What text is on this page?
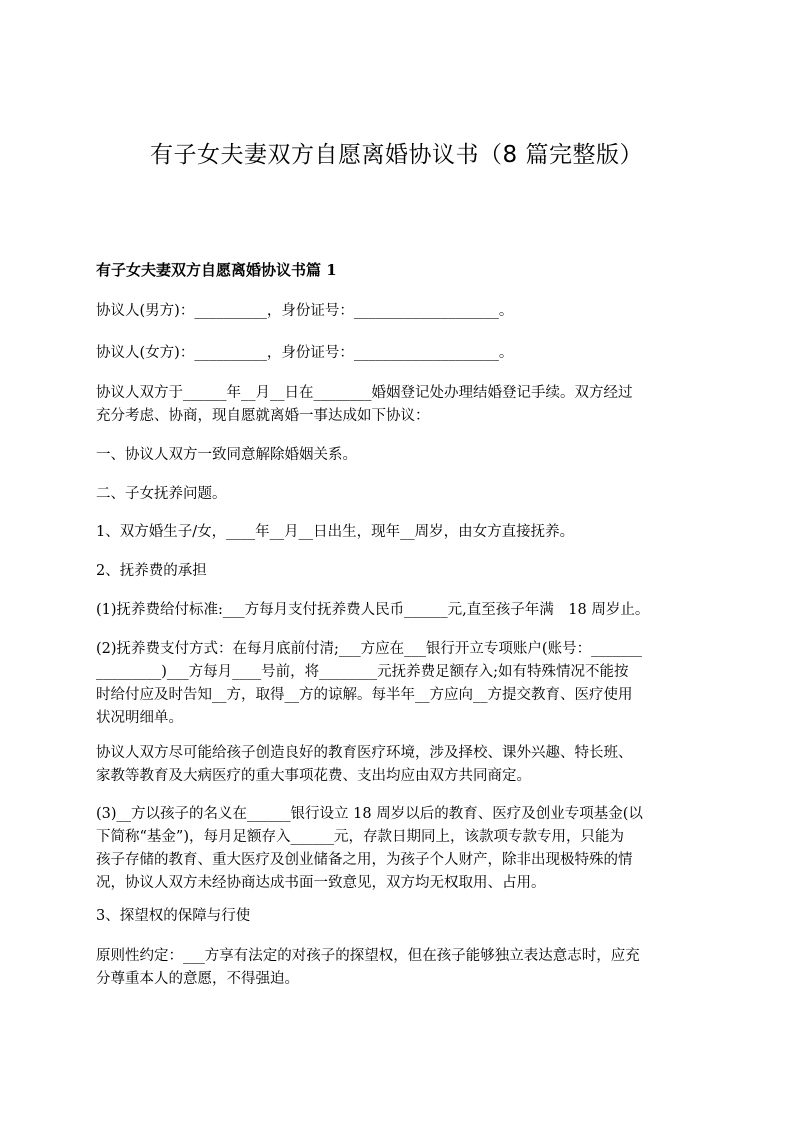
有子女夫妻双方自愿离婚协议书（8 篇完整版）
有子女夫妻双方自愿离婚协议书篇 1
协议人(男方)：__________，身份证号：____________________。
协议人(女方)：__________，身份证号：____________________。
协议人双方于______年__月__日在________婚姻登记处办理结婚登记手续。双方经过
充分考虑、协商，现自愿就离婚一事达成如下协议：
一、协议人双方一致同意解除婚姻关系。
二、子女抚养问题。
1、双方婚生子/女，____年__月__日出生，现年__周岁，由女方直接抚养。
2、抚养费的承担
(1)抚养费给付标准:___方每月支付抚养费人民币______元,直至孩子年满　18 周岁止。
(2)抚养费支付方式：在每月底前付清;___方应在___银行开立专项账户(账号：_______
_________)___方每月____号前，将________元抚养费足额存入;如有特殊情况不能按
时给付应及时告知__方，取得__方的谅解。每半年__方应向__方提交教育、医疗使用
状况明细单。
协议人双方尽可能给孩子创造良好的教育医疗环境，涉及择校、课外兴趣、特长班、
家教等教育及大病医疗的重大事项花费、支出均应由双方共同商定。
(3)__方以孩子的名义在______银行设立 18 周岁以后的教育、医疗及创业专项基金(以
下简称“基金”)，每月足额存入______元，存款日期同上，该款项专款专用，只能为
孩子存储的教育、重大医疗及创业储备之用，为孩子个人财产，除非出现极特殊的情
况，协议人双方未经协商达成书面一致意见，双方均无权取用、占用。
3、探望权的保障与行使
原则性约定：___方享有法定的对孩子的探望权，但在孩子能够独立表达意志时，应充
分尊重本人的意愿，不得强迫。
